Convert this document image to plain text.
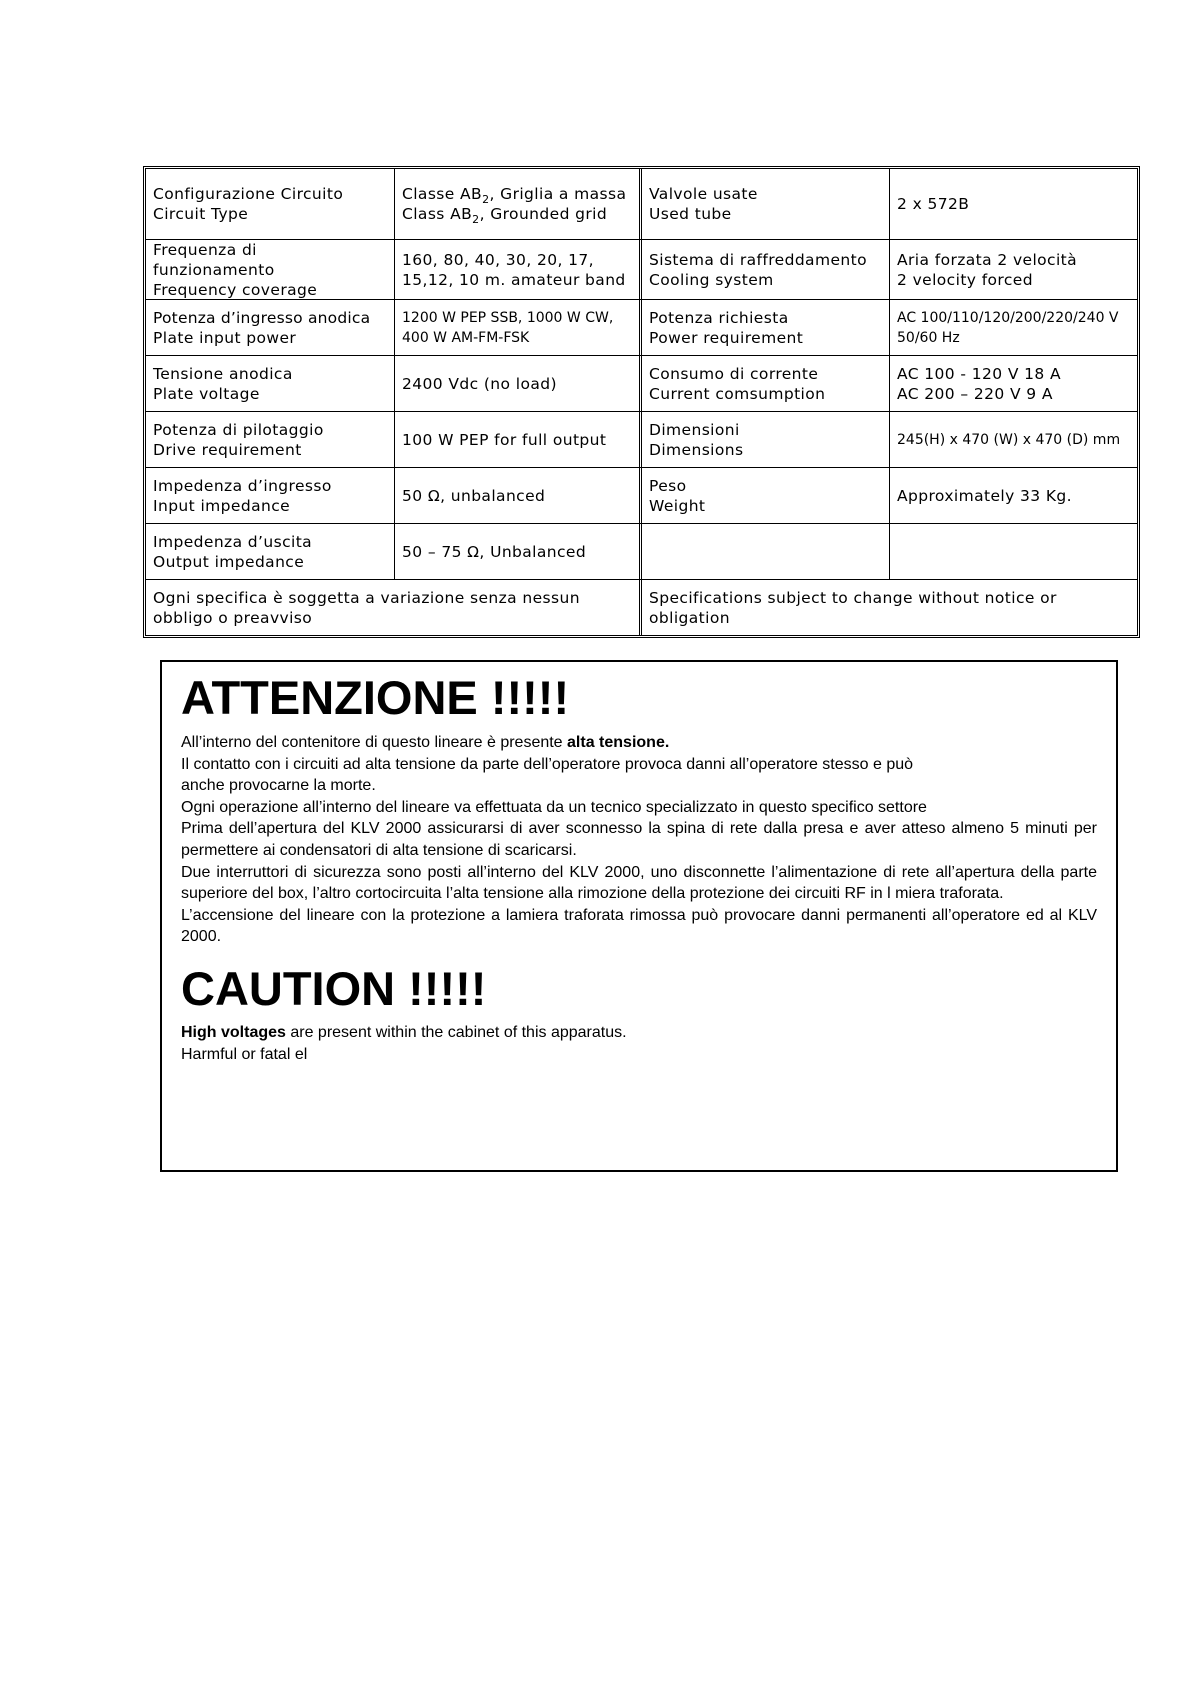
Configurazione Circuito
Circuit Type
Classe $AB_2$, Griglia a massa
Class $AB_2$, Grounded grid
Valvole usate
Used tube
2 x 572B
Frequenza di funzionamento
Frequency coverage
160, 80, 40, 30, 20, 17, 15,12, 10 m. amateur band
Sistema di raffreddamento
Cooling system
Aria forzata 2 velocità
2 velocity forced
Potenza d’ingresso anodica
Plate input power
1200 W PEP SSB, 1000 W CW, 400 W AM-FM-FSK
Potenza richiesta
Power requirement
AC 100/110/120/200/220/240 V 50/60 Hz
Tensione anodica
Plate voltage
2400 Vdc (no load)
Consumo di corrente
Current comsumption
AC 100 - 120 V 18 A
AC 200 – 220 V 9 A
Potenza di pilotaggio
Drive requirement
100 W PEP for full output
Dimensioni
Dimensions
245(H) x 470 (W) x 470 (D) mm
Impedenza d’ingresso
Input impedance
50 Ω, unbalanced
Peso
Weight
Approximately 33 Kg.
Impedenza d’uscita
Output impedance
50 – 75 Ω, Unbalanced
Ogni specifica è soggetta a variazione senza nessun obbligo o preavviso
Specifications subject to change without notice or obligation
ATTENZIONE !!!!!

All’interno del contenitore di questo lineare è presente alta tensione.

Il contatto con i circuiti ad alta tensione da parte dell’operatore provoca danni all’operatore stesso e può

anche provocarne la morte.

Ogni operazione all’interno del lineare va effettuata da un tecnico specializzato in questo specifico settore

Prima dell’apertura del KLV 2000 assicurarsi di aver sconnesso la spina di rete dalla presa e aver atteso almeno 5 minuti per permettere ai condensatori di alta tensione di scaricarsi.

Due interruttori di sicurezza sono posti all’interno del KLV 2000, uno disconnette l’alimentazione di rete all’apertura della parte superiore del box, l’altro cortocircuita l’alta tensione alla rimozione della protezione dei circuiti RF in l miera traforata.

L’accensione del lineare con la protezione a lamiera traforata rimossa può provocare danni permanenti all’operatore ed al KLV 2000.

CAUTION !!!!!

High voltages are present within the cabinet of this apparatus.

Harmful or fatal el
